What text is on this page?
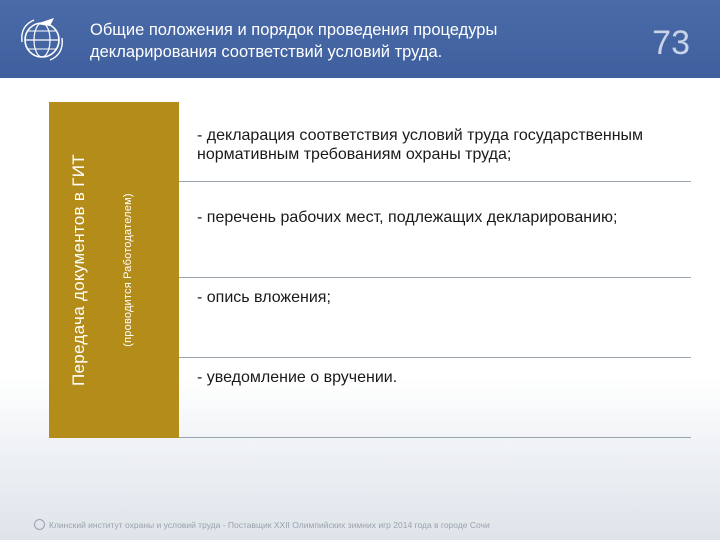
Общие положения и порядок проведения процедуры декларирования соответствий условий труда.	73
Передача документов в ГИТ	(проводится Работодателем)
- декларация соответствия условий труда государственным нормативным требованиям охраны труда;
- перечень рабочих мест, подлежащих декларированию;
- опись вложения;
- уведомление о вручении.
Клинский институт охраны и условий труда - Поставщик XXII Олимпийских зимних игр 2014 года в городе Сочи
